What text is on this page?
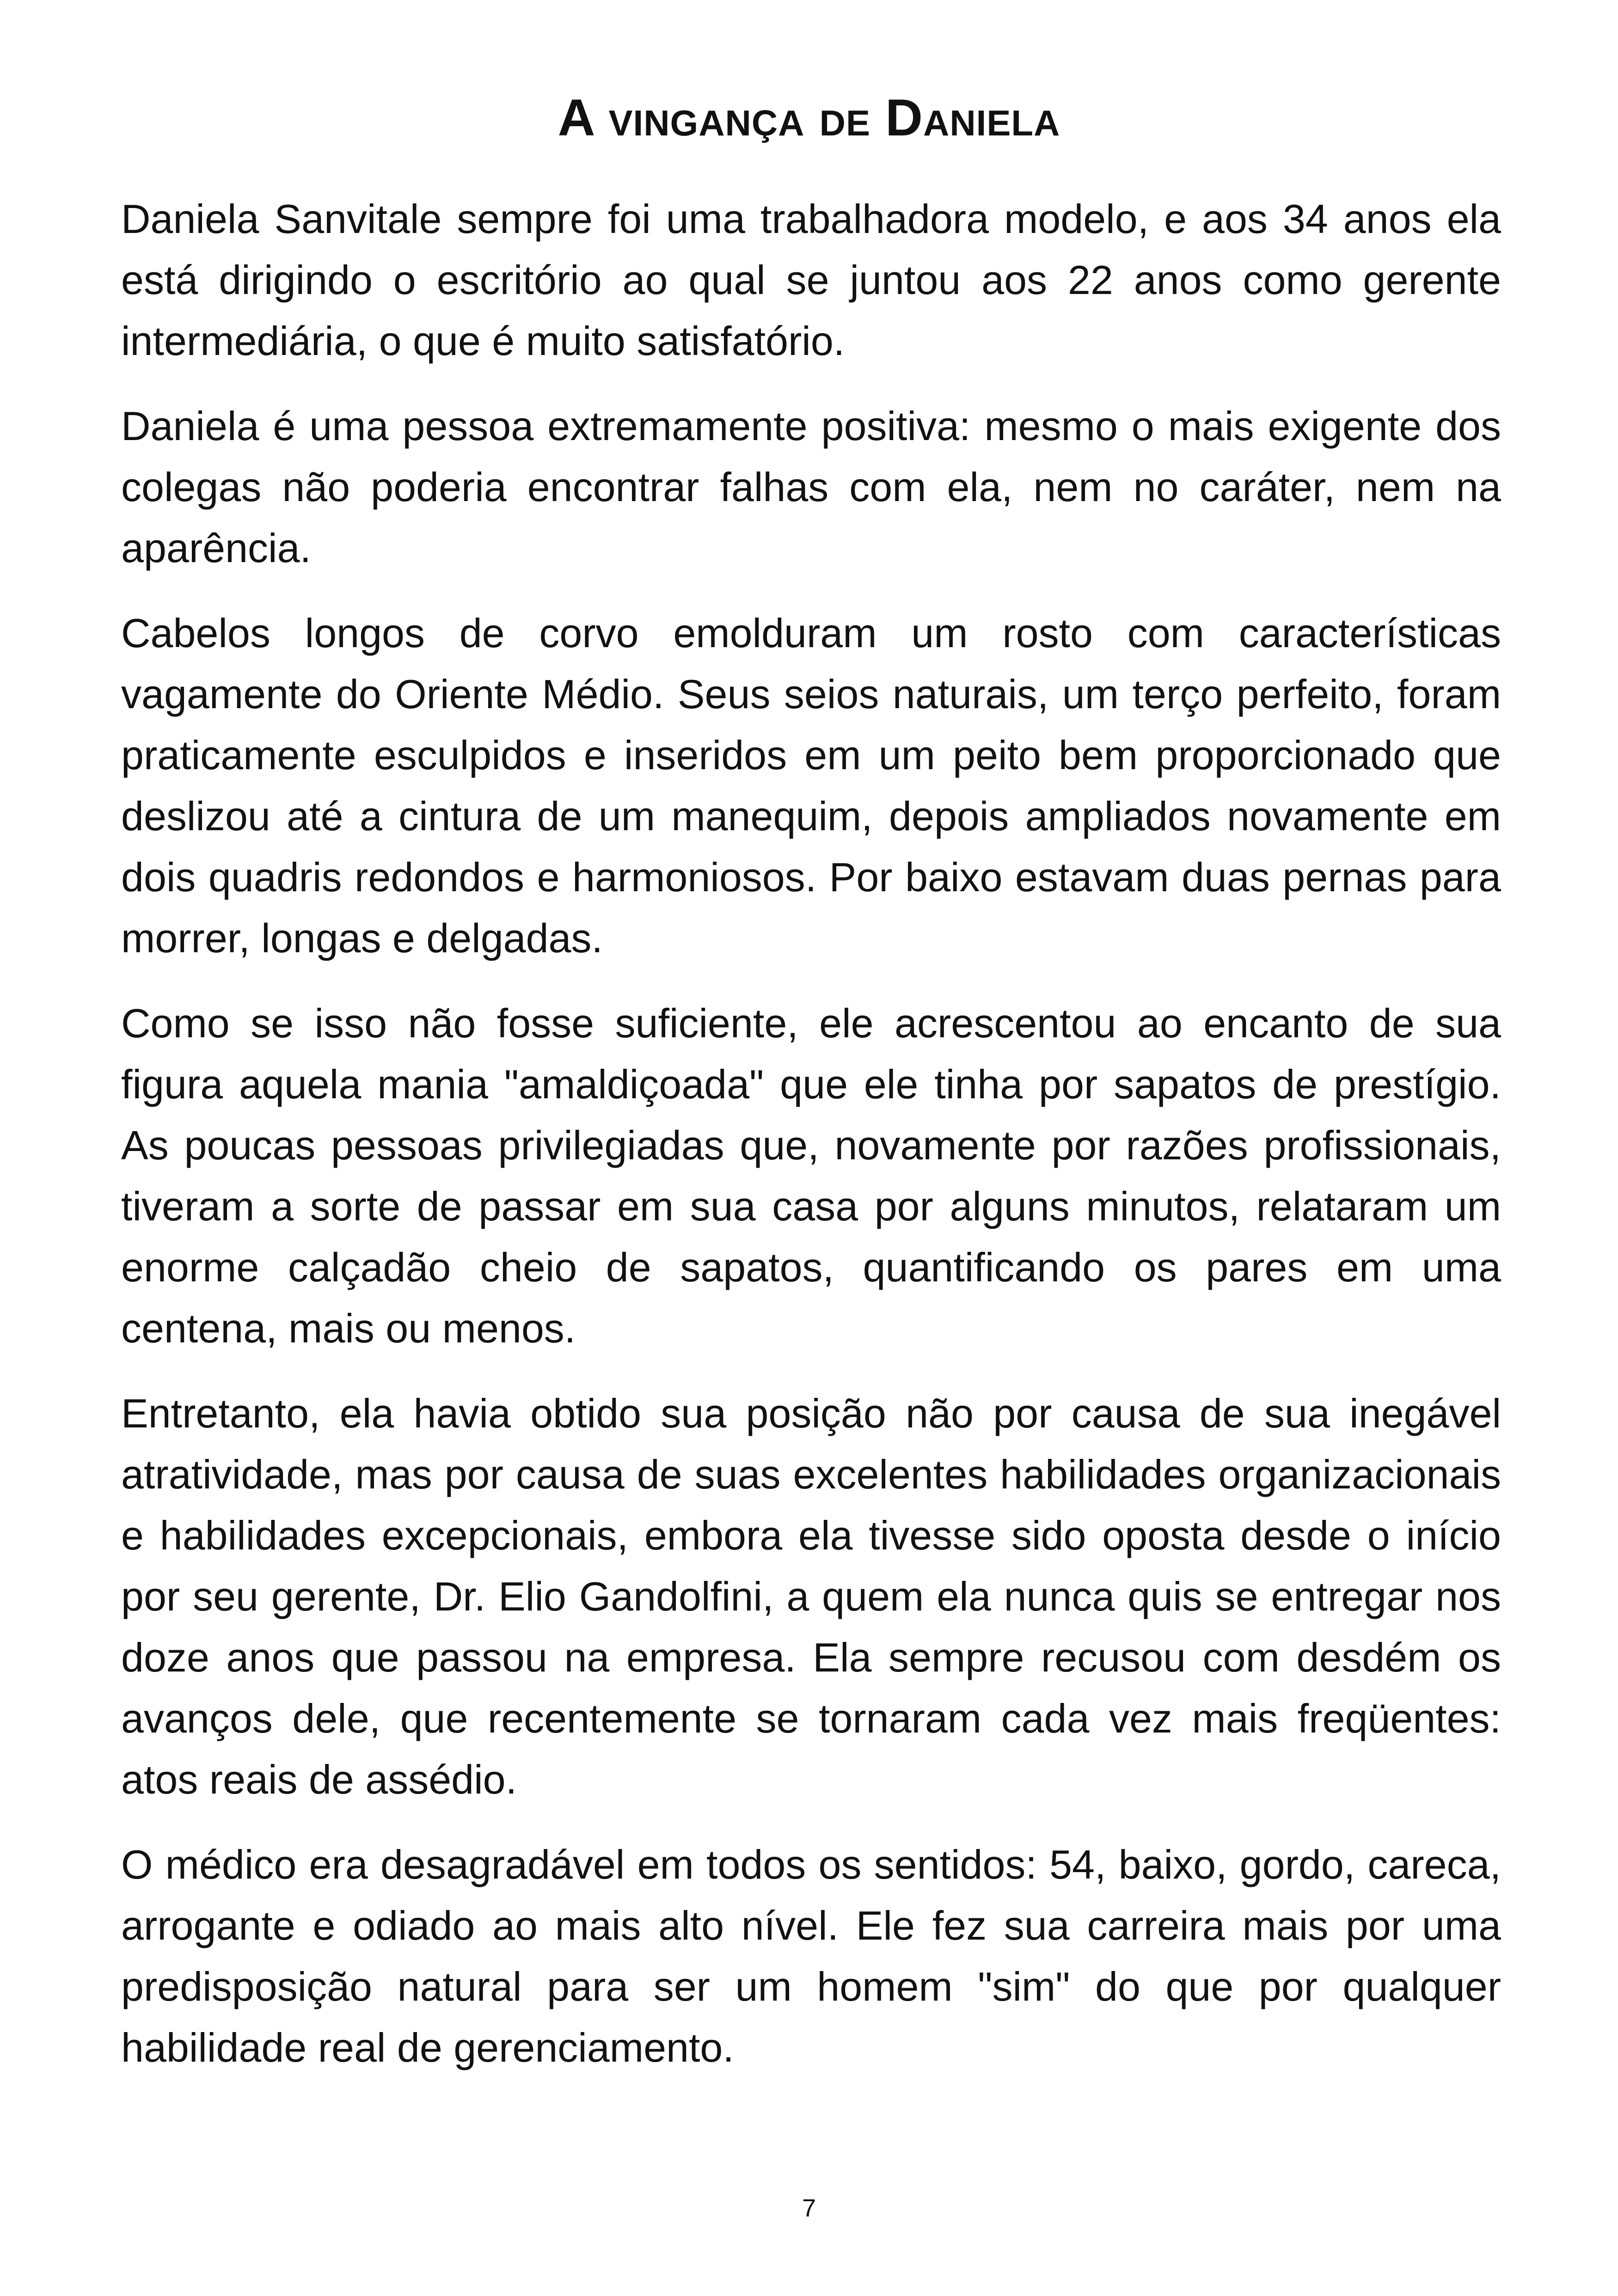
A vingança de Daniela

Daniela Sanvitale sempre foi uma trabalhadora modelo, e aos 34 anos ela está dirigindo o escritório ao qual se juntou aos 22 anos como gerente intermediária, o que é muito satisfatório.

Daniela é uma pessoa extremamente positiva: mesmo o mais exigente dos colegas não poderia encontrar falhas com ela, nem no caráter, nem na aparência.

Cabelos longos de corvo emolduram um rosto com características vagamente do Oriente Médio. Seus seios naturais, um terço perfeito, foram praticamente esculpidos e inseridos em um peito bem proporcionado que deslizou até a cintura de um manequim, depois ampliados novamente em dois quadris redondos e harmoniosos. Por baixo estavam duas pernas para morrer, longas e delgadas.

Como se isso não fosse suficiente, ele acrescentou ao encanto de sua figura aquela mania "amaldiçoada" que ele tinha por sapatos de prestígio. As poucas pessoas privilegiadas que, novamente por razões profissionais, tiveram a sorte de passar em sua casa por alguns minutos, relataram um enorme calçadão cheio de sapatos, quantificando os pares em uma centena, mais ou menos.

Entretanto, ela havia obtido sua posição não por causa de sua inegável atratividade, mas por causa de suas excelentes habilidades organizacionais e habilidades excepcionais, embora ela tivesse sido oposta desde o início por seu gerente, Dr. Elio Gandolfini, a quem ela nunca quis se entregar nos doze anos que passou na empresa. Ela sempre recusou com desdém os avanços dele, que recentemente se tornaram cada vez mais freqüentes: atos reais de assédio.

O médico era desagradável em todos os sentidos: 54, baixo, gordo, careca, arrogante e odiado ao mais alto nível. Ele fez sua carreira mais por uma predisposição natural para ser um homem "sim" do que por qualquer habilidade real de gerenciamento.

7
